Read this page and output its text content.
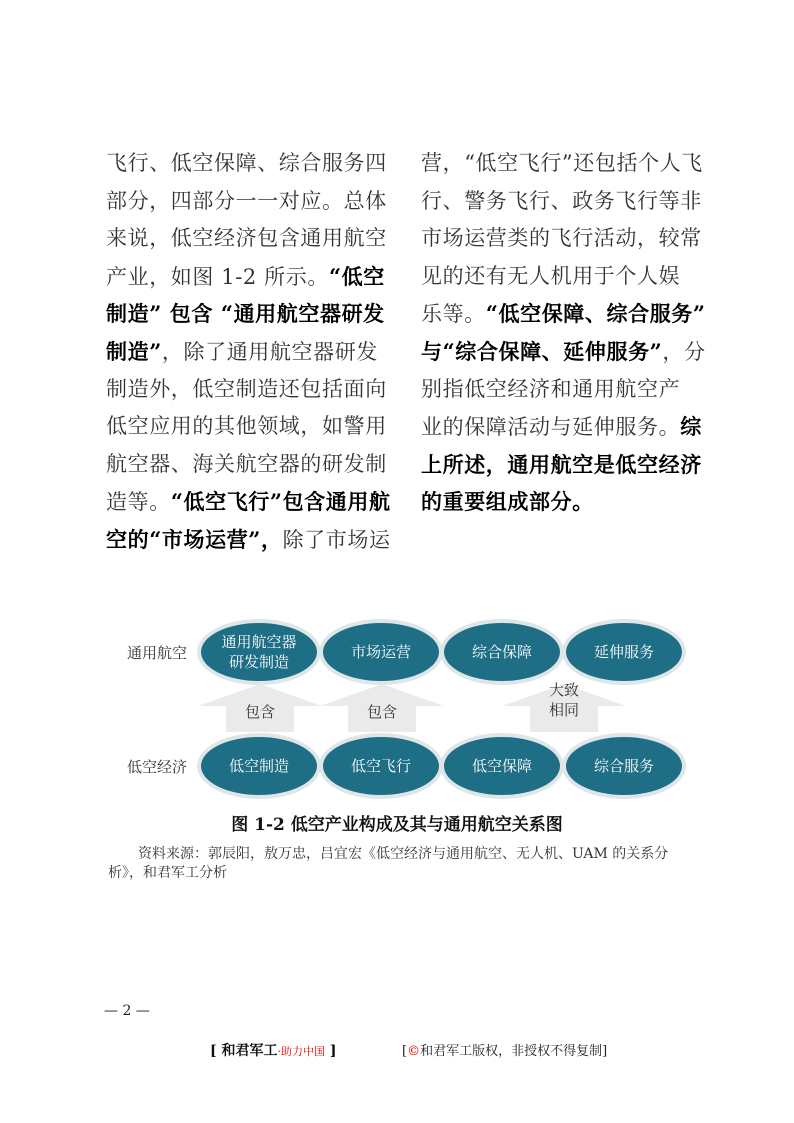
飞行、低空保障、综合服务四
部分，四部分一一对应。总体
来说，低空经济包含通用航空
产业，如图 1-2 所示。“低空
制造” 包含 “通用航空器研发
制造”，除了通用航空器研发
制造外，低空制造还包括面向
低空应用的其他领域，如警用
航空器、海关航空器的研发制
造等。“低空飞行”包含通用航
空的“市场运营”，除了市场运
营，“低空飞行”还包括个人飞
行、警务飞行、政务飞行等非
市场运营类的飞行活动，较常
见的还有无人机用于个人娱
乐等。“低空保障、综合服务”
与“综合保障、延伸服务”，分
别指低空经济和通用航空产
业的保障活动与延伸服务。综
上所述，通用航空是低空经济
的重要组成部分。
通用航空
低空经济
通用航空器
研发制造
市场运营	综合保障	延伸服务
低空制造	低空飞行	低空保障	综合服务
包含	包含
大致
相同
图 1-2 低空产业构成及其与通用航空关系图
资料来源：郭辰阳，敖万忠，吕宜宏《低空经济与通用航空、无人机、UAM 的关系分析》，和君军工分析
— 2 —
[ 和君军工·助力中国 ]	[©和君军工版权，非授权不得复制]
